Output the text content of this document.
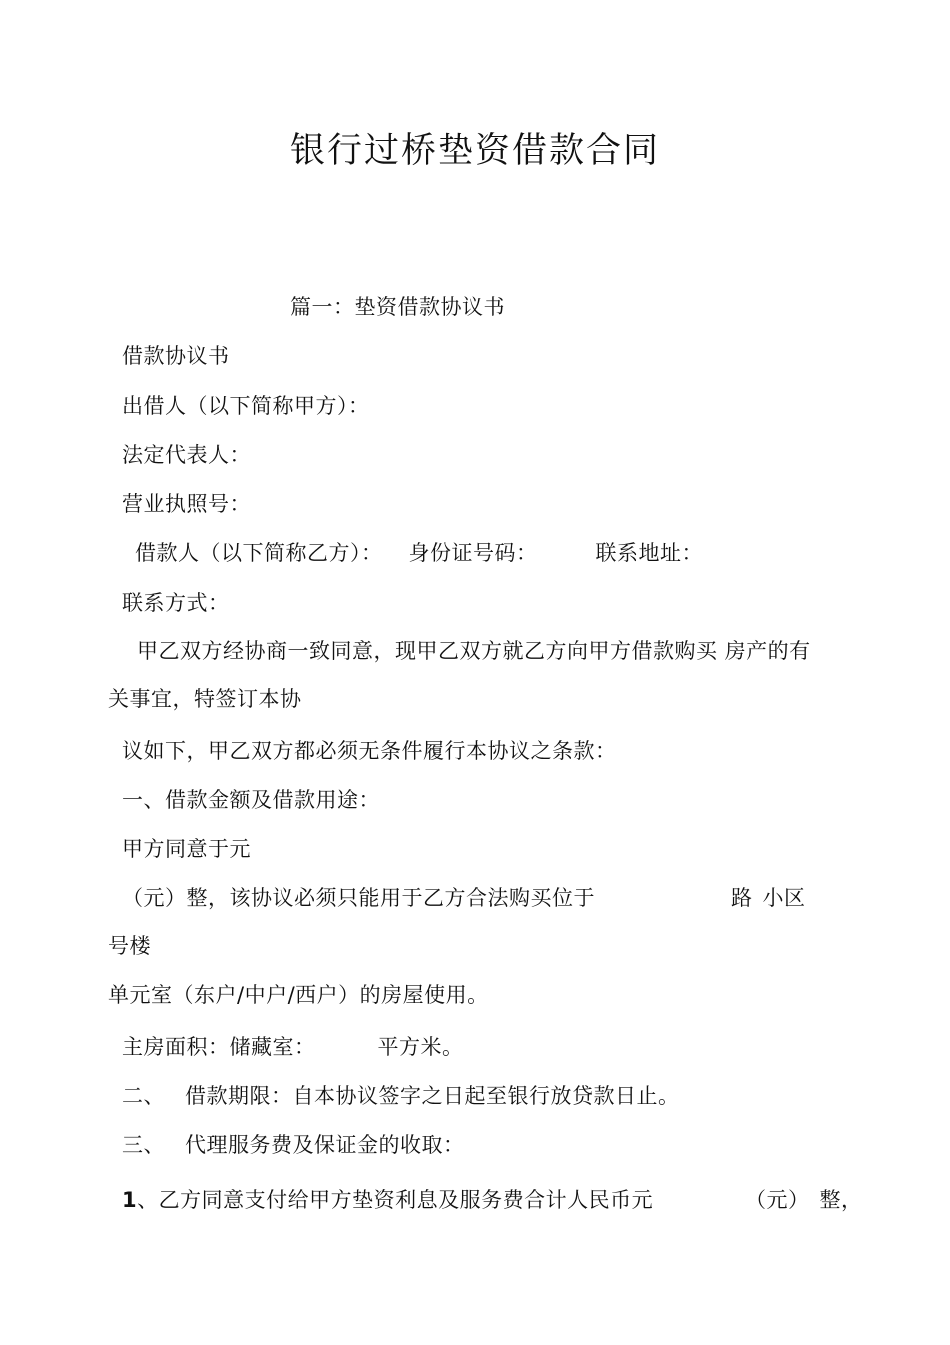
银行过桥垫资借款合同
篇一：垫资借款协议书
借款协议书
出借人（以下简称甲方）：
法定代表人：
营业执照号：
借款人（以下简称乙方）： 身份证号码：	联系地址：
联系方式：
甲乙双方经协商一致同意，现甲乙双方就乙方向甲方借款购买 房产的有
关事宜，特签订本协
议如下，甲乙双方都必须无条件履行本协议之条款：
一、借款金额及借款用途：
甲方同意于元
（元）整，该协议必须只能用于乙方合法购买位于	路 小区
号楼
单元室（东户/中户/西户）的房屋使用。
主房面积：储藏室：	平方米。
二、 借款期限：自本协议签字之日起至银行放贷款日止。
三、 代理服务费及保证金的收取：
1、乙方同意支付给甲方垫资利息及服务费合计人民币元	（元） 整，
